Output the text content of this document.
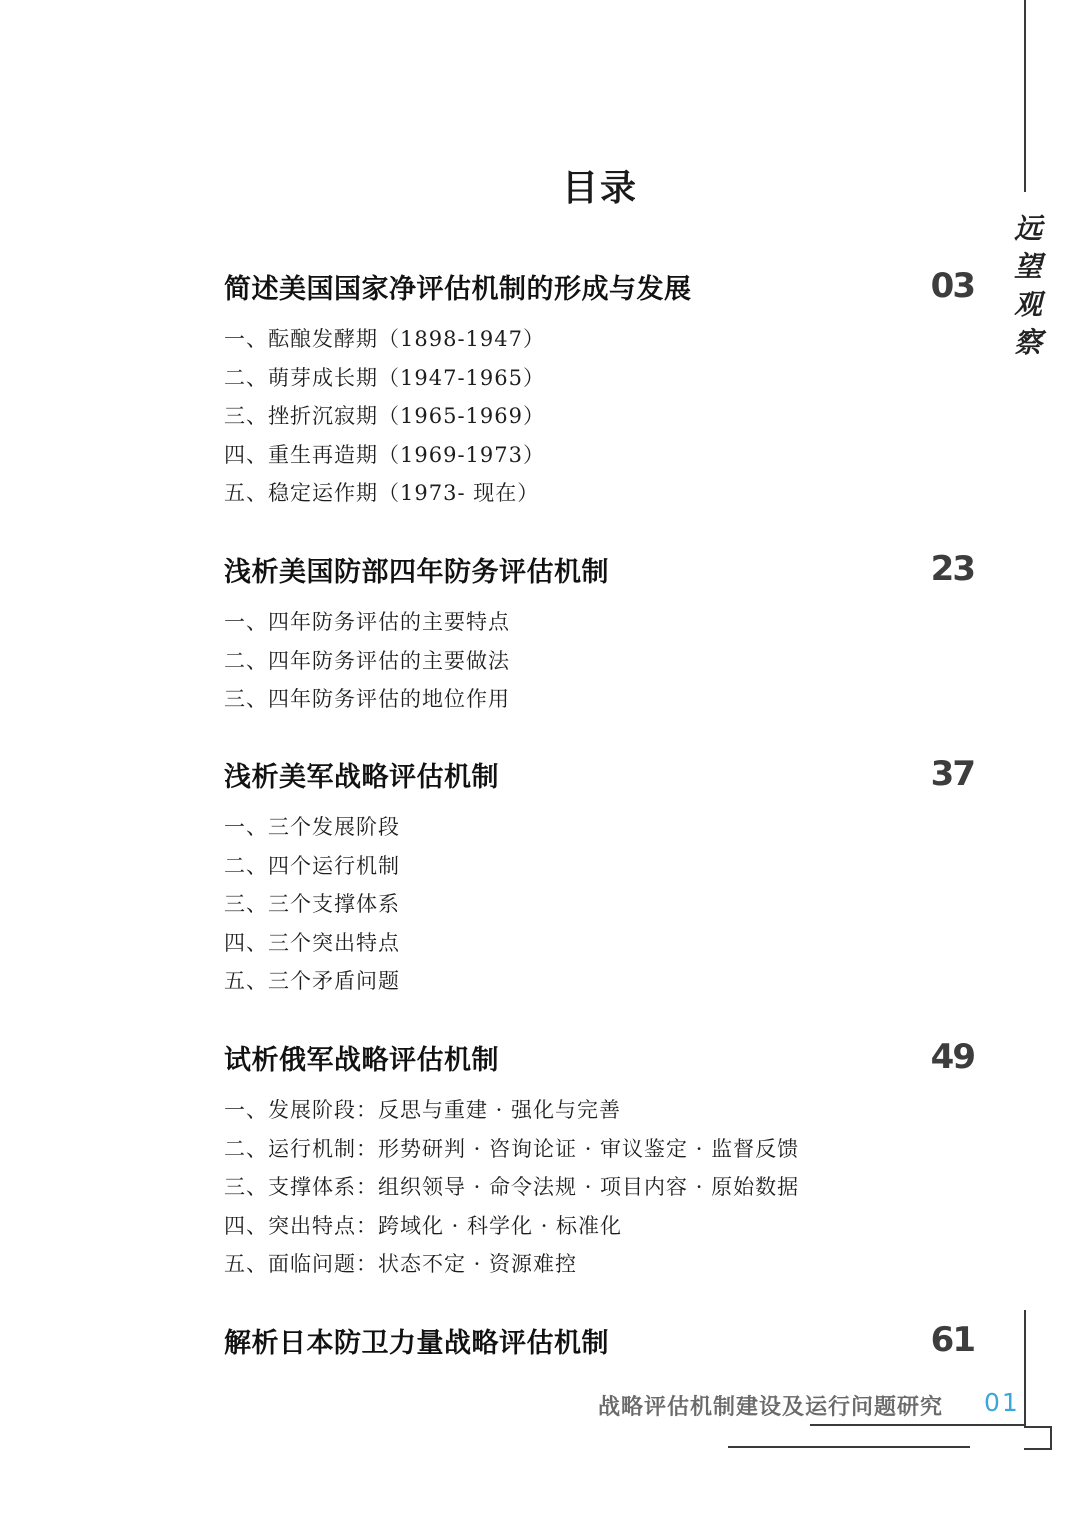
远
望
观
察
目录
简述美国国家净评估机制的形成与发展	03
一、酝酿发酵期（1898-1947）
二、萌芽成长期（1947-1965）
三、挫折沉寂期（1965-1969）
四、重生再造期（1969-1973）
五、稳定运作期（1973- 现在）
浅析美国防部四年防务评估机制	23
一、四年防务评估的主要特点
二、四年防务评估的主要做法
三、四年防务评估的地位作用
浅析美军战略评估机制	37
一、三个发展阶段
二、四个运行机制
三、三个支撑体系
四、三个突出特点
五、三个矛盾问题
试析俄军战略评估机制	49
一、发展阶段：反思与重建 · 强化与完善
二、运行机制：形势研判 · 咨询论证 · 审议鉴定 · 监督反馈
三、支撑体系：组织领导 · 命令法规 · 项目内容 · 原始数据
四、突出特点：跨域化 · 科学化 · 标准化
五、面临问题：状态不定 · 资源难控
解析日本防卫力量战略评估机制	61
战略评估机制建设及运行问题研究 01
